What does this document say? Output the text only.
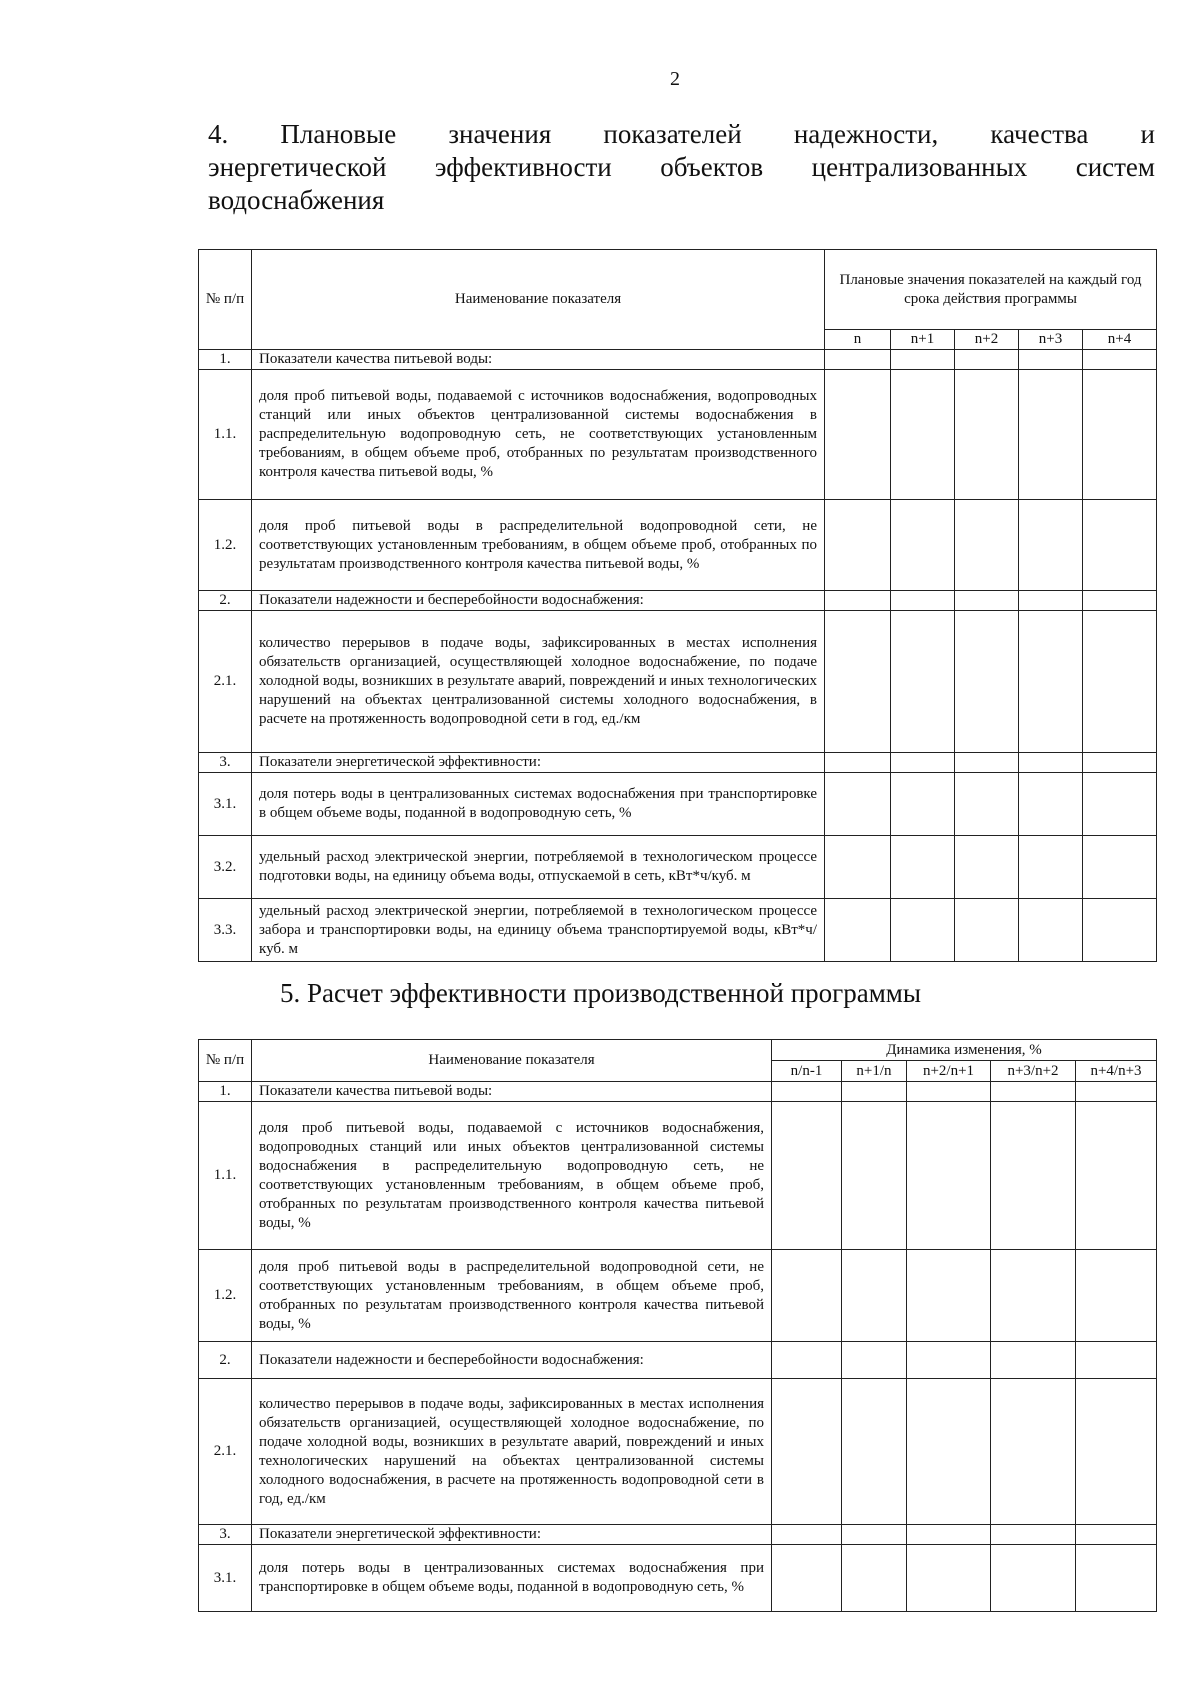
2
4. Плановые значения показателей надежности, качества и
энергетической эффективности объектов централизованных систем водоснабжения
№ п/п	Наименование показателя	Плановые значения показателей на каждый год срока действия программы				
		n	n+1	n+2	n+3	n+4
1.	Показатели качества питьевой воды:					
1.1.	доля проб питьевой воды, подаваемой с источников водоснабжения, водопроводных станций или иных объектов централизованной системы водоснабжения в распределительную водопроводную сеть, не соответствующих установленным требованиям, в общем объеме проб, отобранных по результатам производственного контроля качества питьевой воды, %					
1.2.	доля проб питьевой воды в распределительной водопроводной сети, не соответствующих установленным требованиям, в общем объеме проб, отобранных по результатам производственного контроля качества питьевой воды, %					
2.	Показатели надежности и бесперебойности водоснабжения:					
2.1.	количество перерывов в подаче воды, зафиксированных в местах исполнения обязательств организацией, осуществляющей холодное водоснабжение, по подаче холодной воды, возникших в результате аварий, повреждений и иных технологических нарушений на объектах централизованной системы холодного водоснабжения, в расчете на протяженность водопроводной сети в год, ед./км					
3.	Показатели энергетической эффективности:					
3.1.	доля потерь воды в централизованных системах водоснабжения при транспортировке в общем объеме воды, поданной в водопроводную сеть, %					
3.2.	удельный расход электрической энергии, потребляемой в технологическом процессе подготовки воды, на единицу объема воды, отпускаемой в сеть, кВт*ч/куб. м					
3.3.	удельный расход электрической энергии, потребляемой в технологическом процессе забора и транспортировки воды, на единицу объема транспортируемой воды, кВт*ч/куб. м					
5. Расчет эффективности производственной программы
№ п/п	Наименование показателя	Динамика изменения, %				
		n/n-1	n+1/n	n+2/n+1	n+3/n+2	n+4/n+3
1.	Показатели качества питьевой воды:					
1.1.	доля проб питьевой воды, подаваемой с источников водоснабжения, водопроводных станций или иных объектов централизованной системы водоснабжения в распределительную водопроводную сеть, не соответствующих установленным требованиям, в общем объеме проб, отобранных по результатам производственного контроля качества питьевой воды, %					
1.2.	доля проб питьевой воды в распределительной водопроводной сети, не соответствующих установленным требованиям, в общем объеме проб, отобранных по результатам производственного контроля качества питьевой воды, %					
2.	Показатели надежности и бесперебойности водоснабжения:					
2.1.	количество перерывов в подаче воды, зафиксированных в местах исполнения обязательств организацией, осуществляющей холодное водоснабжение, по подаче холодной воды, возникших в результате аварий, повреждений и иных технологических нарушений на объектах централизованной системы холодного водоснабжения, в расчете на протяженность водопроводной сети в год, ед./км					
3.	Показатели энергетической эффективности:					
3.1.	доля потерь воды в централизованных системах водоснабжения при транспортировке в общем объеме воды, поданной в водопроводную сеть, %					
